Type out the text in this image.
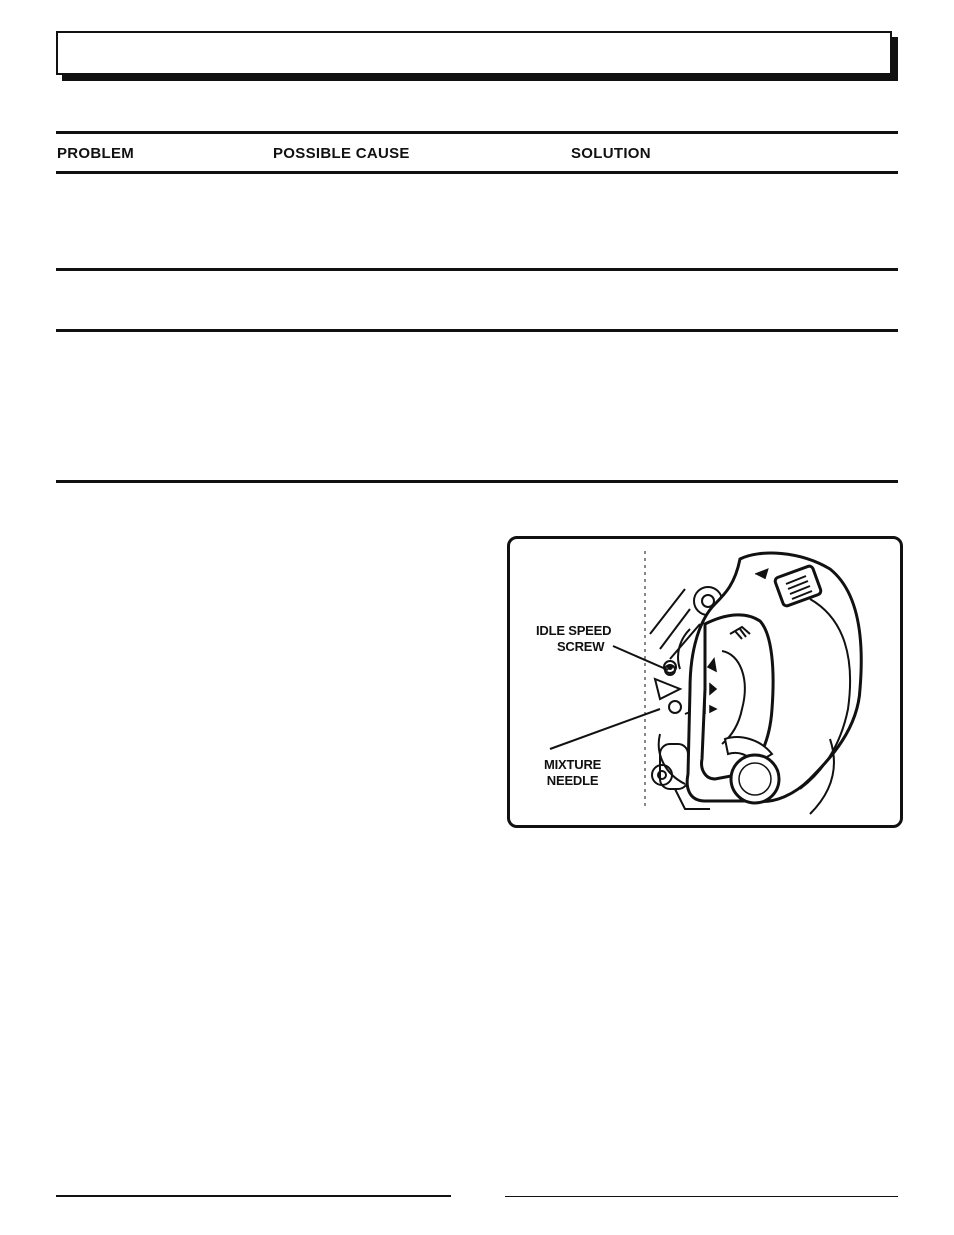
PROBLEM	POSSIBLE CAUSE	SOLUTION
IDLE SPEED
SCREW
MIXTURE
NEEDLE
